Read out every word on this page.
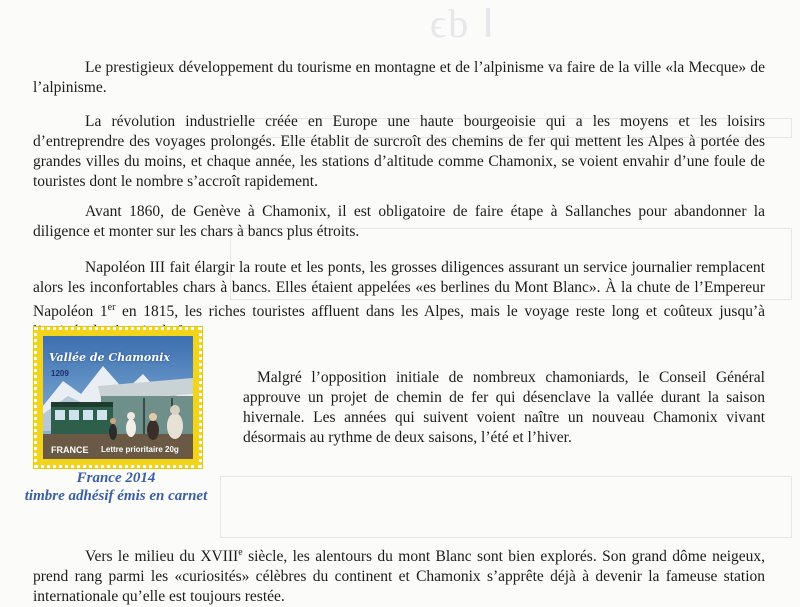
ϵb ⵏ

Le prestigieux développement du tourisme en montagne et de l’alpinisme va faire de la ville «la Mecque» de l’alpinisme.

La révolution industrielle créée en Europe une haute bourgeoisie qui a les moyens et les loisirs d’entreprendre des voyages prolongés. Elle établit de surcroît des chemins de fer qui mettent les Alpes à portée des grandes villes du moins, et chaque année, les stations d’altitude comme Chamonix, se voient envahir d’une foule de touristes dont le nombre s’accroît rapidement.

Avant 1860, de Genève à Chamonix, il est obligatoire de faire étape à Sallanches pour abandonner la diligence et monter sur les chars à bancs plus étroits.

Napoléon III fait élargir la route et les ponts, les grosses diligences assurant un service journalier remplacent alors les inconfortables chars à bancs. Elles étaient appelées «es berlines du Mont Blanc». À la chute de l’Empereur Napoléon 1er en 1815, les riches touristes affluent dans les Alpes, mais le voyage reste long et coûteux jusqu’à

Vallée de Chamonix
1209
FRANCE Lettre prioritaire 20g

Malgré l’opposition initiale de nombreux chamoniards, le Conseil Général approuve un projet de chemin de fer qui désenclave la vallée durant la saison hivernale. Les années qui suivent voient naître un nouveau Chamonix vivant désormais au rythme de deux saisons, l’été et l’hiver.

France 2014
timbre adhésif émis en carnet

Vers le milieu du XVIIIe siècle, les alentours du mont Blanc sont bien explorés. Son grand dôme neigeux, prend rang parmi les «curiosités» célèbres du continent et Chamonix s’apprête déjà à devenir la fameuse station internationale qu’elle est toujours restée.
